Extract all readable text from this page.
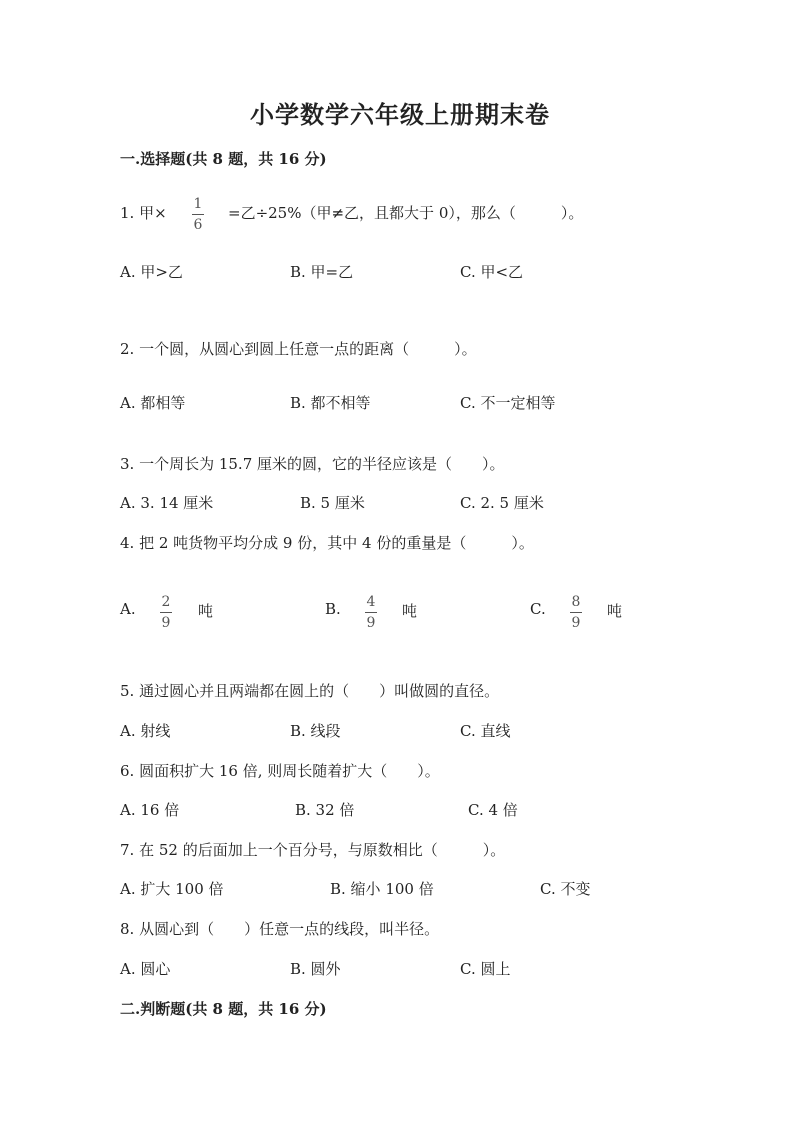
小学数学六年级上册期末卷
一.选择题(共 8 题，共 16 分)
1. 甲× 1
6
=乙÷25%（甲≠乙，且都大于 0），那么（　　　）。
A. 甲>乙	B. 甲=乙	C. 甲<乙
2. 一个圆，从圆心到圆上任意一点的距离（　　　）。
A. 都相等	B. 都不相等	C. 不一定相等
3. 一个周长为 15.7 厘米的圆，它的半径应该是（　　）。
A. 3. 14 厘米	B. 5 厘米	C. 2. 5 厘米
4. 把 2 吨货物平均分成 9 份，其中 4 份的重量是（　　　）。
A. 2
9
吨	B. 4
9
吨	C. 8
9
吨
5. 通过圆心并且两端都在圆上的（　　）叫做圆的直径。
A. 射线	B. 线段	C. 直线
6. 圆面积扩大 16 倍, 则周长随着扩大（　　）。
A. 16 倍	B. 32 倍	C. 4 倍
7. 在 52 的后面加上一个百分号，与原数相比（　　　）。
A. 扩大 100 倍	B. 缩小 100 倍	C. 不变
8. 从圆心到（　　）任意一点的线段，叫半径。
A. 圆心	B. 圆外	C. 圆上
二.判断题(共 8 题，共 16 分)
